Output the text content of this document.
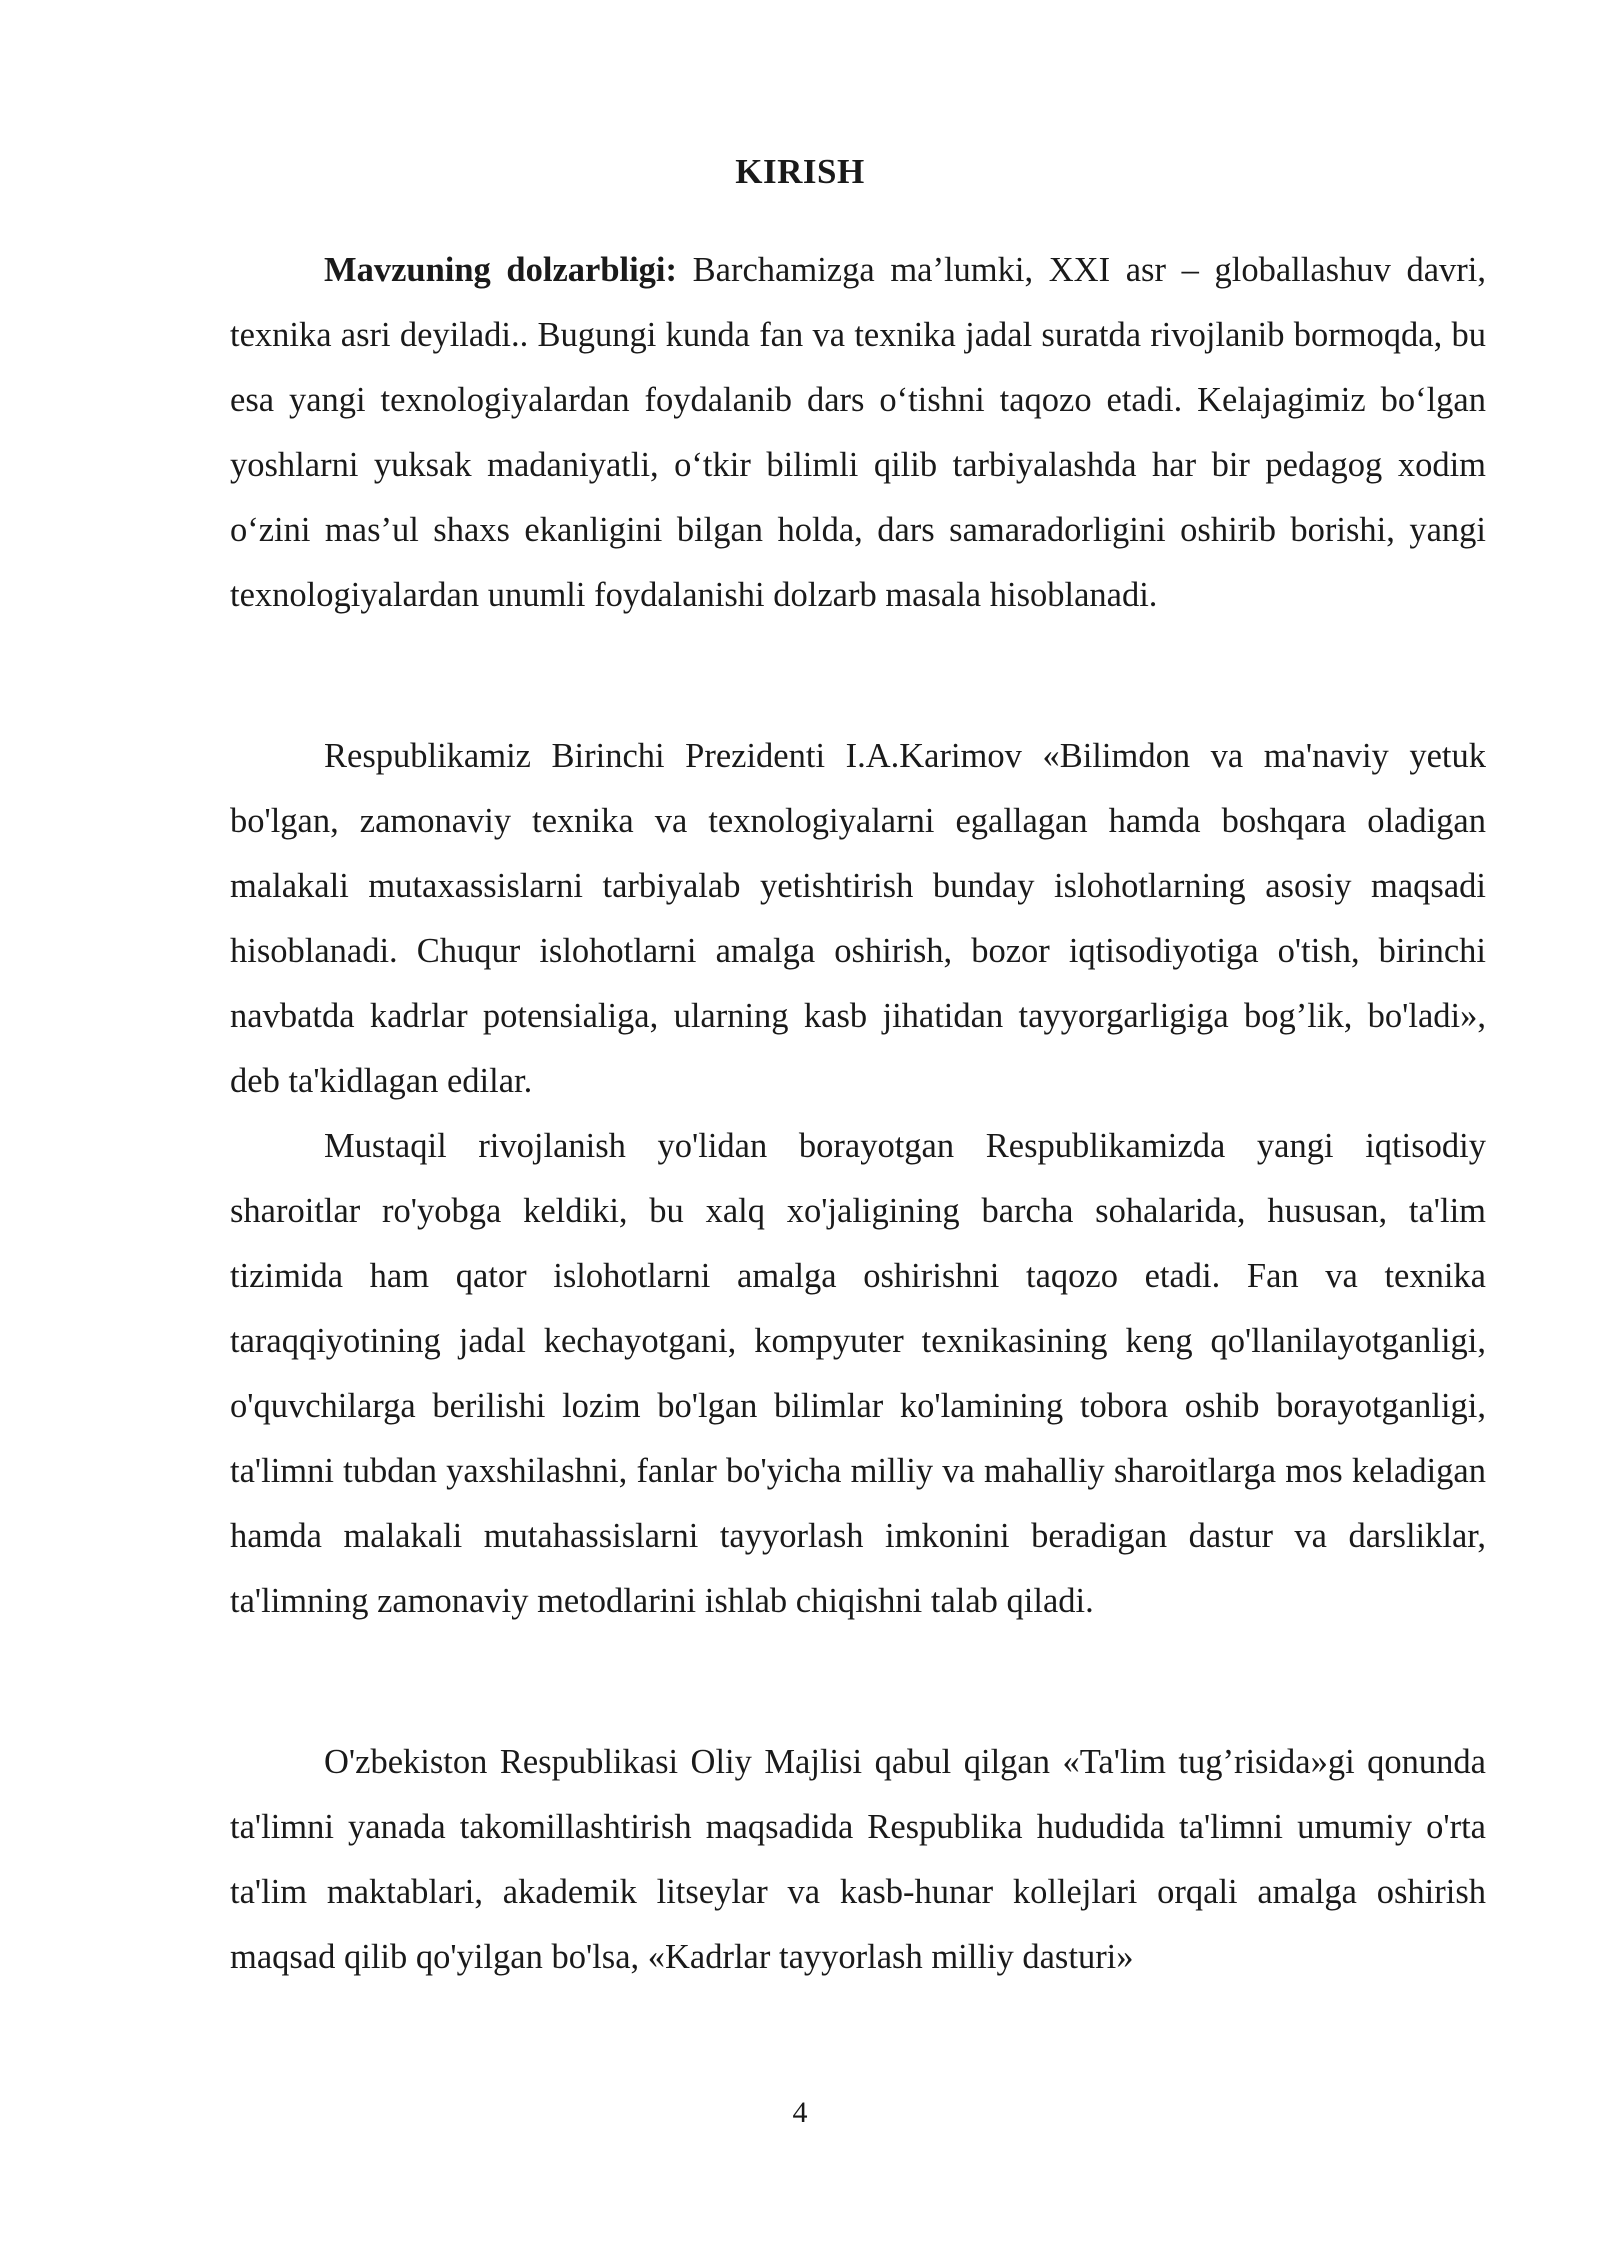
KIRISH

Mavzuning dolzarbligi: Barchamizga ma’lumki, XXI asr – globallashuv davri, texnika asri deyiladi.. Bugungi kunda fan va texnika jadal suratda rivojlanib bormoqda, bu esa yangi texnologiyalardan foydalanib dars o‘tishni taqozo etadi. Kelajagimiz bo‘lgan yoshlarni yuksak madaniyatli, o‘tkir bilimli qilib tarbiyalashda har bir pedagog xodim o‘zini mas’ul shaxs ekanligini bilgan holda, dars samaradorligini oshirib borishi, yangi texnologiyalardan unumli foydalanishi dolzarb masala hisoblanadi.

Respublikamiz Birinchi Prezidenti I.A.Karimov «Bilimdon va ma'naviy yetuk bo'lgan, zamonaviy texnika va texnologiyalarni egallagan hamda boshqara oladigan malakali mutaxassislarni tarbiyalab yetishtirish bunday islohotlarning asosiy maqsadi hisoblanadi. Chuqur islohotlarni amalga oshirish, bozor iqtisodiyotiga o'tish, birinchi navbatda kadrlar potensialiga, ularning kasb jihatidan tayyorgarligiga bog’lik, bo'ladi», deb ta'kidlagan edilar.

Mustaqil rivojlanish yo'lidan borayotgan Respublikamizda yangi iqtisodiy sharoitlar ro'yobga keldiki, bu xalq xo'jaligining barcha sohalarida, hususan, ta'lim tizimida ham qator islohotlarni amalga oshirishni taqozo etadi. Fan va texnika taraqqiyotining jadal kechayotgani, kompyuter texnikasining keng qo'llanilayotganligi, o'quvchilarga berilishi lozim bo'lgan bilimlar ko'lamining tobora oshib borayotganligi, ta'limni tubdan yaxshilashni, fanlar bo'yicha milliy va mahalliy sharoitlarga mos keladigan hamda malakali mutahassislarni tayyorlash imkonini beradigan dastur va darsliklar, ta'limning zamonaviy metodlarini ishlab chiqishni talab qiladi.

O'zbekiston Respublikasi Oliy Majlisi qabul qilgan «Ta'lim tug’risida»gi qonunda ta'limni yanada takomillashtirish maqsadida Respublika hududida ta'limni umumiy o'rta ta'lim maktablari, akademik litseylar va kasb-hunar kollejlari orqali amalga oshirish maqsad qilib qo'yilgan bo'lsa, «Kadrlar tayyorlash milliy dasturi»

4
